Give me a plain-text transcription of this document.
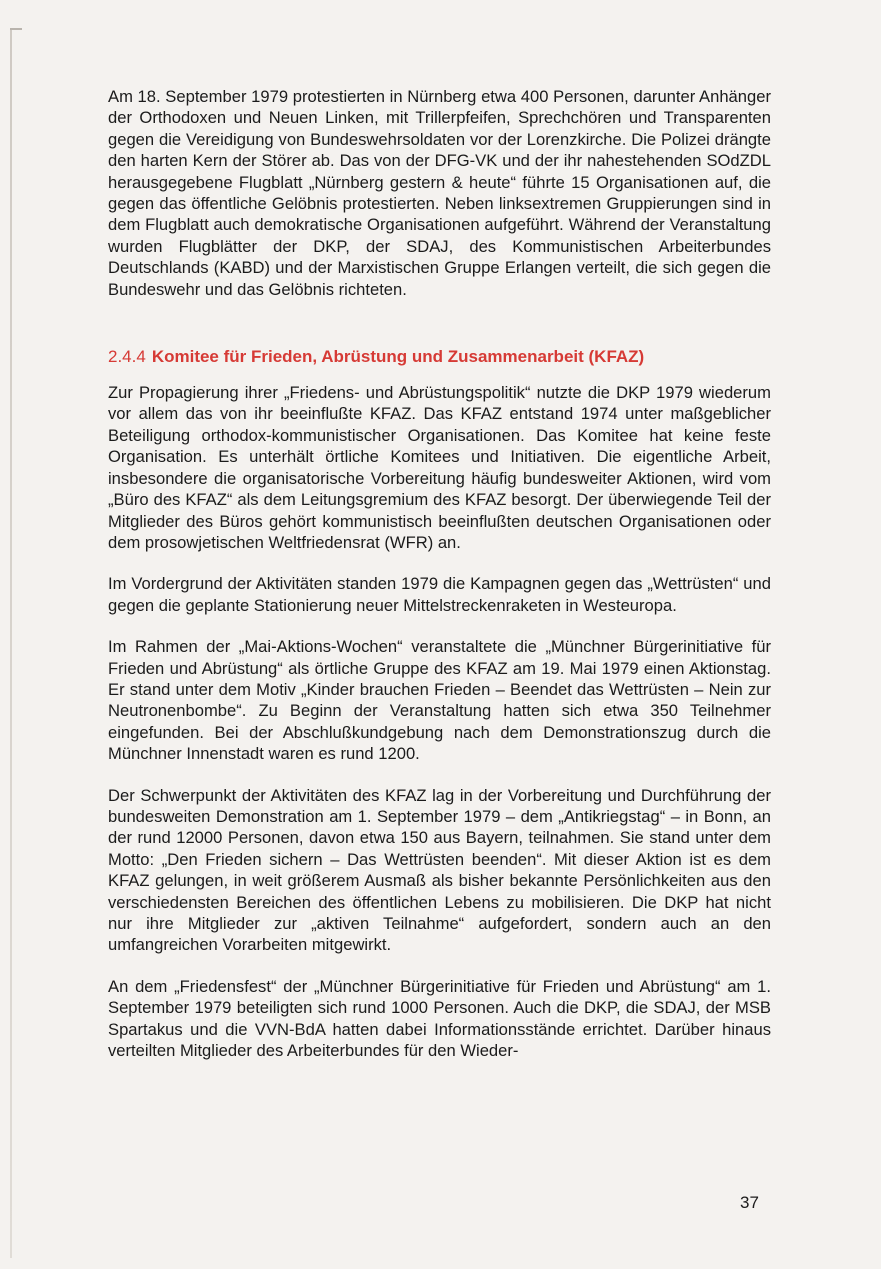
Am 18. September 1979 protestierten in Nürnberg etwa 400 Personen, darunter Anhänger der Orthodoxen und Neuen Linken, mit Trillerpfeifen, Sprechchören und Transparenten gegen die Vereidigung von Bundeswehrsoldaten vor der Lorenzkirche. Die Polizei drängte den harten Kern der Störer ab. Das von der DFG-VK und der ihr nahestehenden SOdZDL herausgegebene Flugblatt „Nürnberg gestern & heute“ führte 15 Organisationen auf, die gegen das öffentliche Gelöbnis protestierten. Neben linksextremen Gruppierungen sind in dem Flugblatt auch demokratische Organisationen aufgeführt. Während der Veranstaltung wurden Flugblätter der DKP, der SDAJ, des Kommunistischen Arbeiterbundes Deutschlands (KABD) und der Marxistischen Gruppe Erlangen verteilt, die sich gegen die Bundeswehr und das Gelöbnis richteten.

2.4.4 Komitee für Frieden, Abrüstung und Zusammenarbeit (KFAZ)

Zur Propagierung ihrer „Friedens- und Abrüstungspolitik“ nutzte die DKP 1979 wiederum vor allem das von ihr beeinflußte KFAZ. Das KFAZ entstand 1974 unter maßgeblicher Beteiligung orthodox-kommunistischer Organisationen. Das Komitee hat keine feste Organisation. Es unterhält örtliche Komitees und Initiativen. Die eigentliche Arbeit, insbesondere die organisatorische Vorbereitung häufig bundesweiter Aktionen, wird vom „Büro des KFAZ“ als dem Leitungsgremium des KFAZ besorgt. Der überwiegende Teil der Mitglieder des Büros gehört kommunistisch beeinflußten deutschen Organisationen oder dem prosowjetischen Weltfriedensrat (WFR) an.

Im Vordergrund der Aktivitäten standen 1979 die Kampagnen gegen das „Wettrüsten“ und gegen die geplante Stationierung neuer Mittelstreckenraketen in Westeuropa.

Im Rahmen der „Mai-Aktions-Wochen“ veranstaltete die „Münchner Bürgerinitiative für Frieden und Abrüstung“ als örtliche Gruppe des KFAZ am 19. Mai 1979 einen Aktionstag. Er stand unter dem Motiv „Kinder brauchen Frieden – Beendet das Wettrüsten – Nein zur Neutronenbombe“. Zu Beginn der Veranstaltung hatten sich etwa 350 Teilnehmer eingefunden. Bei der Abschlußkundgebung nach dem Demonstrationszug durch die Münchner Innenstadt waren es rund 1200.

Der Schwerpunkt der Aktivitäten des KFAZ lag in der Vorbereitung und Durchführung der bundesweiten Demonstration am 1. September 1979 – dem „Antikriegstag“ – in Bonn, an der rund 12000 Personen, davon etwa 150 aus Bayern, teilnahmen. Sie stand unter dem Motto: „Den Frieden sichern – Das Wettrüsten beenden“. Mit dieser Aktion ist es dem KFAZ gelungen, in weit größerem Ausmaß als bisher bekannte Persönlichkeiten aus den verschiedensten Bereichen des öffentlichen Lebens zu mobilisieren. Die DKP hat nicht nur ihre Mitglieder zur „aktiven Teilnahme“ aufgefordert, sondern auch an den umfangreichen Vorarbeiten mitgewirkt.

An dem „Friedensfest“ der „Münchner Bürgerinitiative für Frieden und Abrüstung“ am 1. September 1979 beteiligten sich rund 1000 Personen. Auch die DKP, die SDAJ, der MSB Spartakus und die VVN-BdA hatten dabei Informationsstände errichtet. Darüber hinaus verteilten Mitglieder des Arbeiterbundes für den Wieder-

37
